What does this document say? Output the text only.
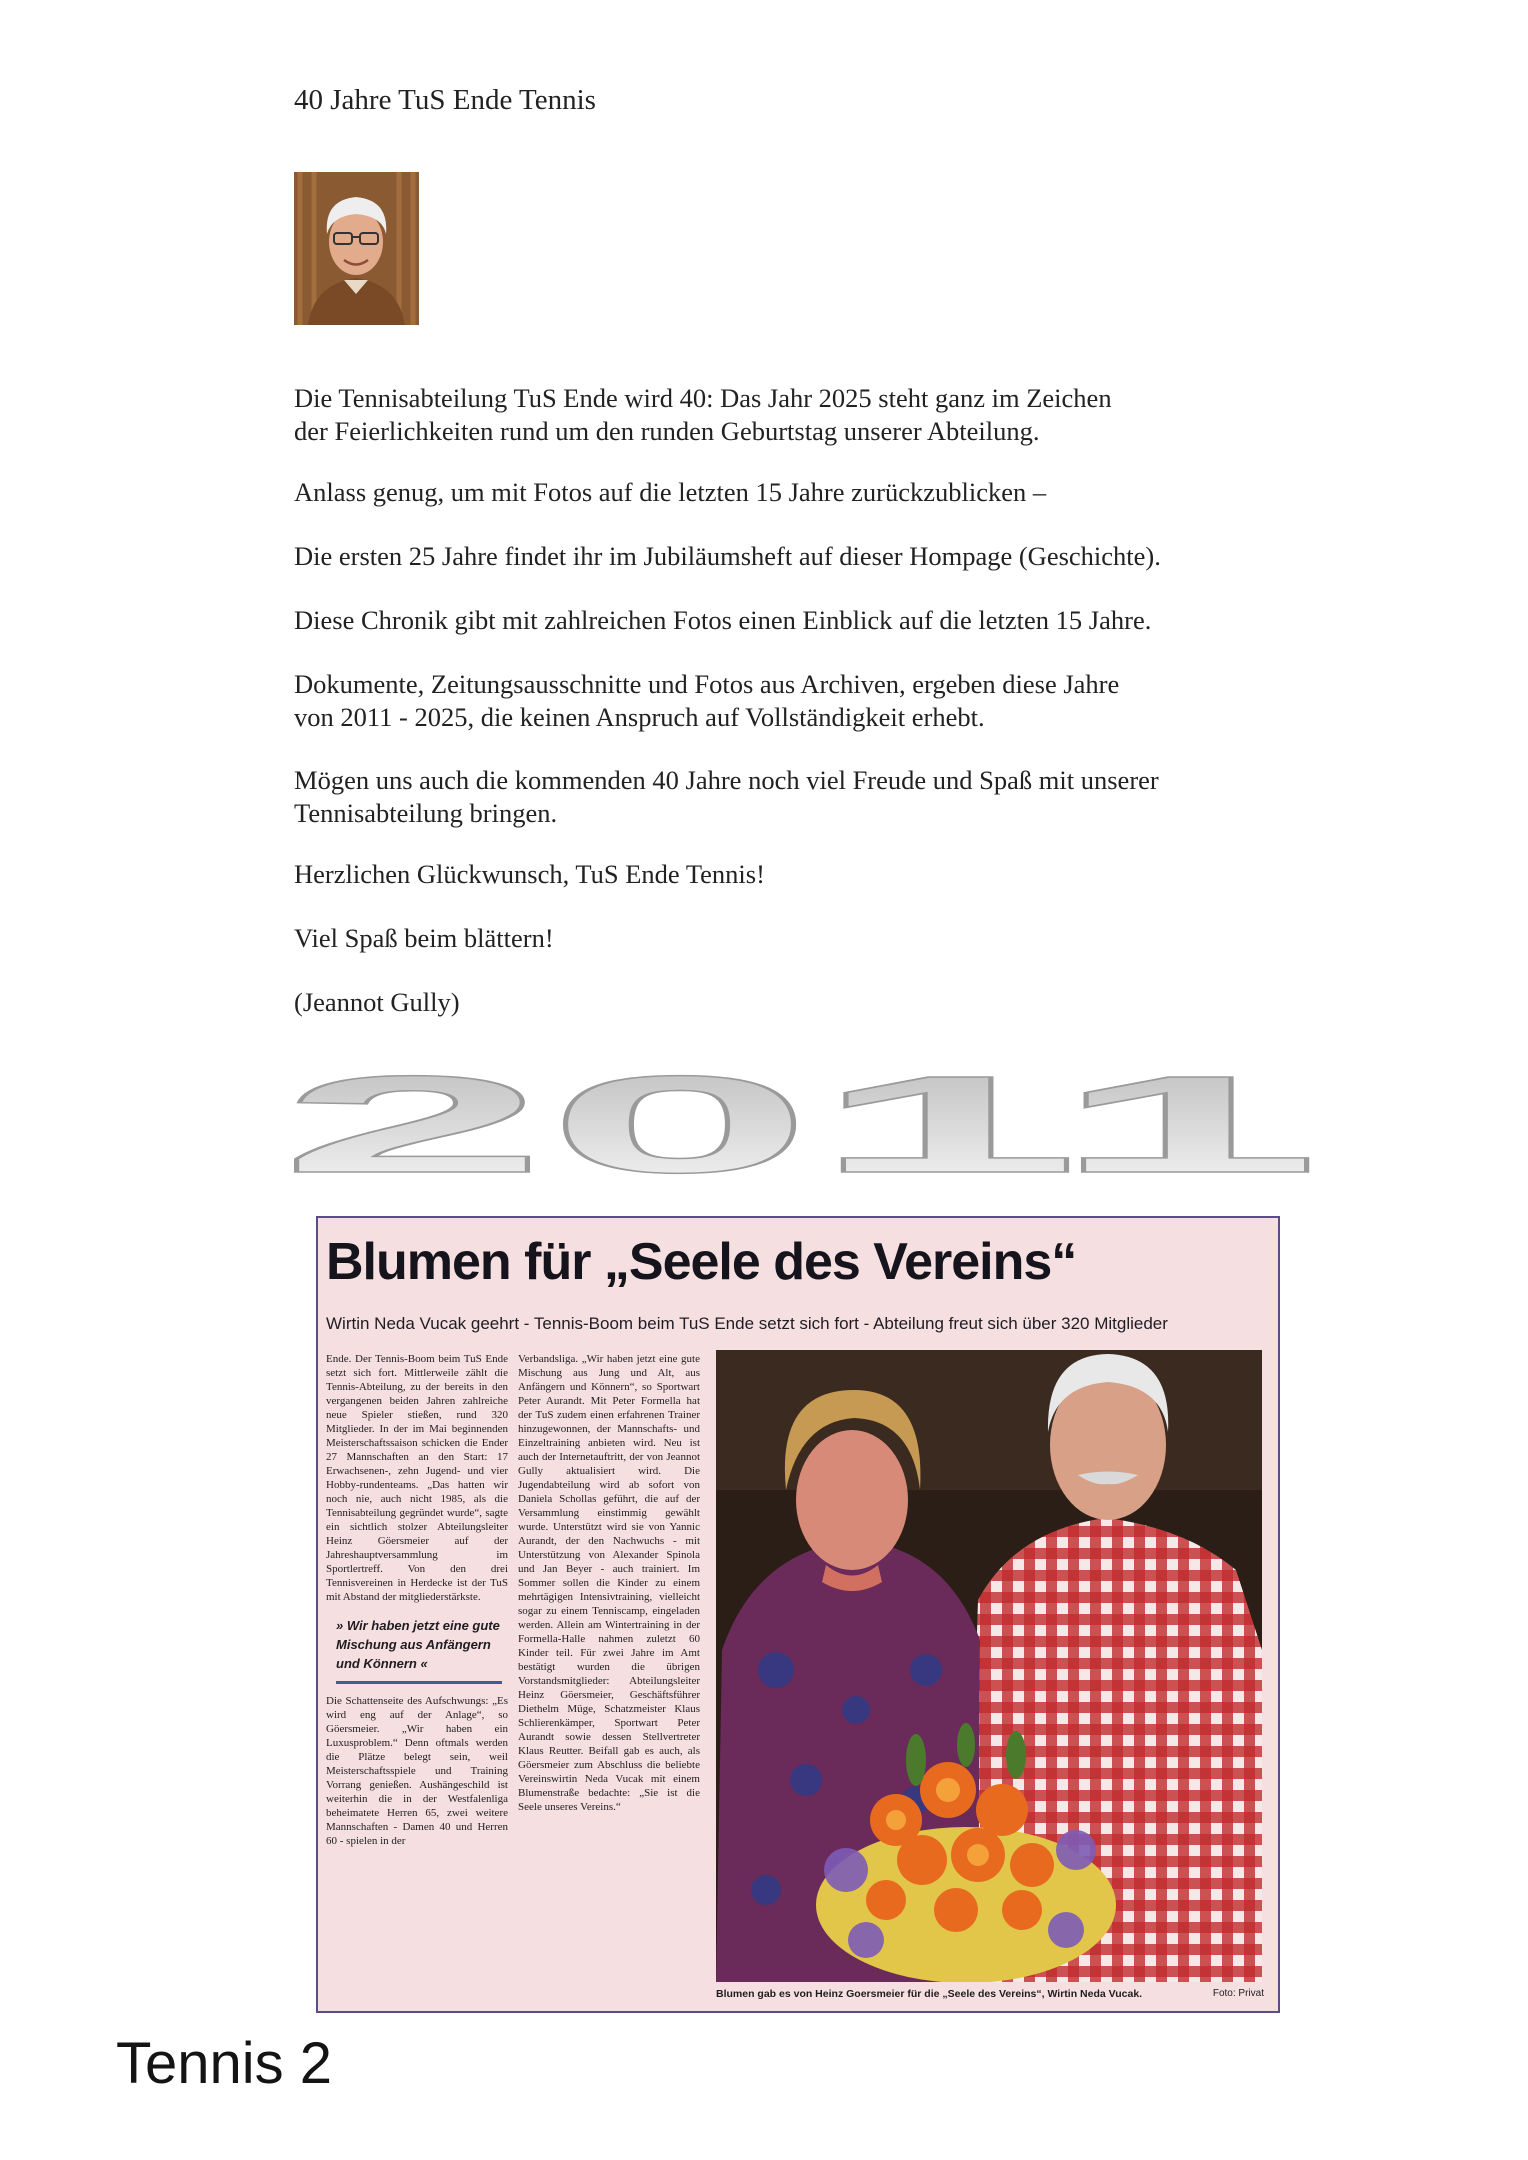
40 Jahre TuS Ende Tennis

Die Tennisabteilung TuS Ende wird 40: Das Jahr 2025 steht ganz im Zeichen
der Feierlichkeiten rund um den runden Geburtstag unserer Abteilung.

Anlass genug, um mit Fotos auf die letzten 15 Jahre zurückzublicken –

Die ersten 25 Jahre findet ihr im Jubiläumsheft auf dieser Hompage (Geschichte).

Diese Chronik gibt mit zahlreichen Fotos einen Einblick auf die letzten 15 Jahre.

Dokumente, Zeitungsausschnitte und Fotos aus Archiven, ergeben diese Jahre
von 2011 - 2025, die keinen Anspruch auf Vollständigkeit erhebt.

Mögen uns auch die kommenden 40 Jahre noch viel Freude und Spaß mit unserer
Tennisabteilung bringen.

Herzlichen Glückwunsch, TuS Ende Tennis!

Viel Spaß beim blättern!

(Jeannot Gully)

2011
Blumen für „Seele des Vereins“
Wirtin Neda Vucak geehrt - Tennis-Boom beim TuS Ende setzt sich fort - Abteilung freut sich über 320 Mitglieder
Ende. Der Tennis-Boom beim TuS Ende setzt sich fort. Mittlerweile zählt die Tennis-Abteilung, zu der bereits in den vergangenen beiden Jahren zahlreiche neue Spieler stießen, rund 320 Mitglieder. In der im Mai beginnenden Meisterschaftssaison schicken die Ender 27 Mannschaften an den Start: 17 Erwachsenen-, zehn Jugend- und vier Hobby-rundenteams. „Das hatten wir noch nie, auch nicht 1985, als die Tennisabteilung gegründet wurde“, sagte ein sichtlich stolzer Abteilungsleiter Heinz Göersmeier auf der Jahreshauptversammlung im Sportlertreff. Von den drei Tennisvereinen in Herdecke ist der TuS mit Abstand der mitgliederstärkste.
» Wir haben jetzt eine gute Mischung aus Anfängern und Könnern «
Die Schattenseite des Aufschwungs: „Es wird eng auf der Anlage“, so Göersmeier. „Wir haben ein Luxusproblem.“ Denn oftmals werden die Plätze belegt sein, weil Meisterschaftsspiele und Training Vorrang genießen. Aushängeschild ist weiterhin die in der Westfalenliga beheimatete Herren 65, zwei weitere Mannschaften - Damen 40 und Herren 60 - spielen in der
Verbandsliga. „Wir haben jetzt eine gute Mischung aus Jung und Alt, aus Anfängern und Könnern“, so Sportwart Peter Aurandt. Mit Peter Formella hat der TuS zudem einen erfahrenen Trainer hinzugewonnen, der Mannschafts- und Einzeltraining anbieten wird. Neu ist auch der Internetauftritt, der von Jeannot Gully aktualisiert wird. Die Jugendabteilung wird ab sofort von Daniela Schollas geführt, die auf der Versammlung einstimmig gewählt wurde. Unterstützt wird sie von Yannic Aurandt, der den Nachwuchs - mit Unterstützung von Alexander Spinola und Jan Beyer - auch trainiert. Im Sommer sollen die Kinder zu einem mehrtägigen Intensivtraining, vielleicht sogar zu einem Tenniscamp, eingeladen werden. Allein am Wintertraining in der Formella-Halle nahmen zuletzt 60 Kinder teil. Für zwei Jahre im Amt bestätigt wurden die übrigen Vorstandsmitglieder: Abteilungsleiter Heinz Göersmeier, Geschäftsführer Diethelm Müge, Schatzmeister Klaus Schlierenkämper, Sportwart Peter Aurandt sowie dessen Stellvertreter Klaus Reutter. Beifall gab es auch, als Göersmeier zum Abschluss die beliebte Vereinswirtin Neda Vucak mit einem Blumenstraße bedachte: „Sie ist die Seele unseres Vereins.“
Blumen gab es von Heinz Goersmeier für die „Seele des Vereins“, Wirtin Neda Vucak.	Foto: Privat
Tennis 2
